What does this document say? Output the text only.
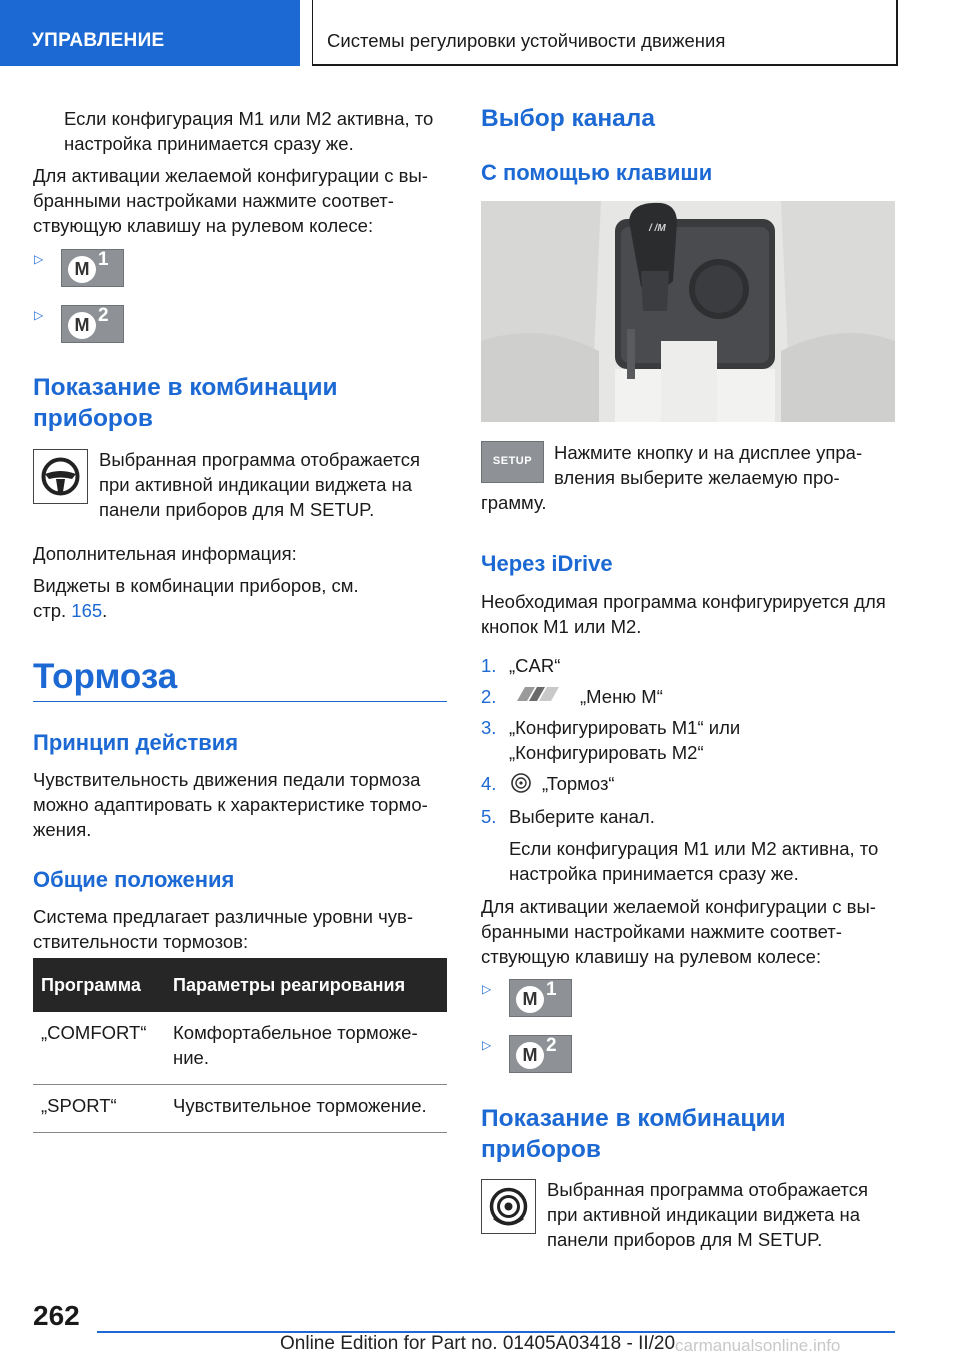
УПРАВЛЕНИЕ	Системы регулировки устойчивости движения

Если конфигурация M1 или M2 активна, то

настройка принимается сразу же.

Для активации желаемой конфигурации с вы-

бранными настройками нажмите соответ-

ствующую клавишу на рулевом колесе:

▷	M 1
▷	M 2
Показание в комбинации
приборов

Выбранная программа отображается

при активной индикации виджета на

панели приборов для M SETUP.

Дополнительная информация:

Виджеты в комбинации приборов, см.

стр. 165.

Тормоза
Принцип действия

Чувствительность движения педали тормоза

можно адаптировать к характеристике тормо-

жения.

Общие положения

Система предлагает различные уровни чув-

ствительности тормозов:

Программа	Параметры реагирования
„COMFORT“	Комфортабельное торможе-ние.
„SPORT“	Чувствительное торможение.
Выбор канала
С помощью клавиши
/ /M
SETUP	Нажмите кнопку и на дисплее упра-

вления выберите желаемую про-

грамму.

Через iDrive

Необходимая программа конфигурируется для

кнопок M1 или M2.

1. „CAR“

2.	„Меню M“

3. „Конфигурировать M1“ или

„Конфигурировать M2“

4. „Тормоз“

5. Выберите канал.

Если конфигурация M1 или M2 активна, то

настройка принимается сразу же.

Для активации желаемой конфигурации с вы-

бранными настройками нажмите соответ-

ствующую клавишу на рулевом колесе:

▷	M 1
▷	M 2
Показание в комбинации
приборов

Выбранная программа отображается

при активной индикации виджета на

панели приборов для M SETUP.

262
Online Edition for Part no. 01405A03418 - II/20 carmanualsonline.info
